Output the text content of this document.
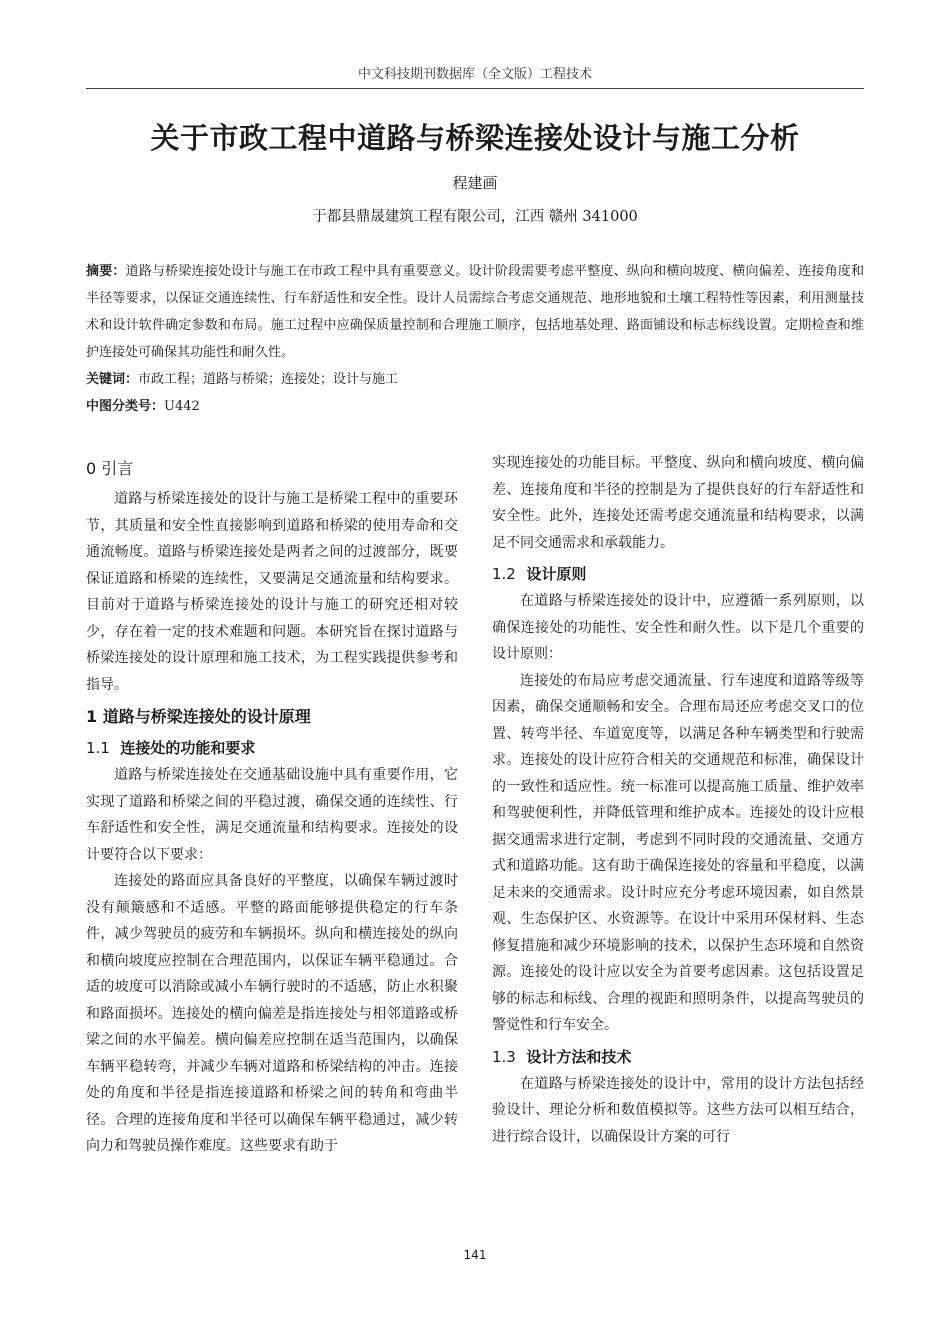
中文科技期刊数据库（全文版）工程技术
关于市政工程中道路与桥梁连接处设计与施工分析
程建画
于都县鼎晟建筑工程有限公司，江西 赣州 341000

摘要：道路与桥梁连接处设计与施工在市政工程中具有重要意义。设计阶段需要考虑平整度、纵向和横向坡度、横向偏差、连接角度和半径等要求，以保证交通连续性、行车舒适性和安全性。设计人员需综合考虑交通规范、地形地貌和土壤工程特性等因素，利用测量技术和设计软件确定参数和布局。施工过程中应确保质量控制和合理施工顺序，包括地基处理、路面铺设和标志标线设置。定期检查和维护连接处可确保其功能性和耐久性。

关键词：市政工程；道路与桥梁；连接处；设计与施工

中图分类号：U442

0 引言

道路与桥梁连接处的设计与施工是桥梁工程中的重要环节，其质量和安全性直接影响到道路和桥梁的使用寿命和交通流畅度。道路与桥梁连接处是两者之间的过渡部分，既要保证道路和桥梁的连续性，又要满足交通流量和结构要求。目前对于道路与桥梁连接处的设计与施工的研究还相对较少，存在着一定的技术难题和问题。本研究旨在探讨道路与桥梁连接处的设计原理和施工技术，为工程实践提供参考和指导。

1 道路与桥梁连接处的设计原理
1.1 连接处的功能和要求

道路与桥梁连接处在交通基础设施中具有重要作用，它实现了道路和桥梁之间的平稳过渡，确保交通的连续性、行车舒适性和安全性，满足交通流量和结构要求。连接处的设计要符合以下要求：

连接处的路面应具备良好的平整度，以确保车辆过渡时没有颠簸感和不适感。平整的路面能够提供稳定的行车条件，减少驾驶员的疲劳和车辆损坏。纵向和横连接处的纵向和横向坡度应控制在合理范围内，以保证车辆平稳通过。合适的坡度可以消除或减小车辆行驶时的不适感，防止水积聚和路面损坏。连接处的横向偏差是指连接处与相邻道路或桥梁之间的水平偏差。横向偏差应控制在适当范围内，以确保车辆平稳转弯，并减少车辆对道路和桥梁结构的冲击。连接处的角度和半径是指连接道路和桥梁之间的转角和弯曲半径。合理的连接角度和半径可以确保车辆平稳通过，减少转向力和驾驶员操作难度。这些要求有助于

实现连接处的功能目标。平整度、纵向和横向坡度、横向偏差、连接角度和半径的控制是为了提供良好的行车舒适性和安全性。此外，连接处还需考虑交通流量和结构要求，以满足不同交通需求和承载能力。

1.2 设计原则

在道路与桥梁连接处的设计中，应遵循一系列原则，以确保连接处的功能性、安全性和耐久性。以下是几个重要的设计原则：

连接处的布局应考虑交通流量、行车速度和道路等级等因素，确保交通顺畅和安全。合理布局还应考虑交叉口的位置、转弯半径、车道宽度等，以满足各种车辆类型和行驶需求。连接处的设计应符合相关的交通规范和标准，确保设计的一致性和适应性。统一标准可以提高施工质量、维护效率和驾驶便利性，并降低管理和维护成本。连接处的设计应根据交通需求进行定制，考虑到不同时段的交通流量、交通方式和道路功能。这有助于确保连接处的容量和平稳度，以满足未来的交通需求。设计时应充分考虑环境因素，如自然景观、生态保护区、水资源等。在设计中采用环保材料、生态修复措施和减少环境影响的技术，以保护生态环境和自然资源。连接处的设计应以安全为首要考虑因素。这包括设置足够的标志和标线、合理的视距和照明条件，以提高驾驶员的警觉性和行车安全。

1.3 设计方法和技术

在道路与桥梁连接处的设计中，常用的设计方法包括经验设计、理论分析和数值模拟等。这些方法可以相互结合，进行综合设计，以确保设计方案的可行

141
